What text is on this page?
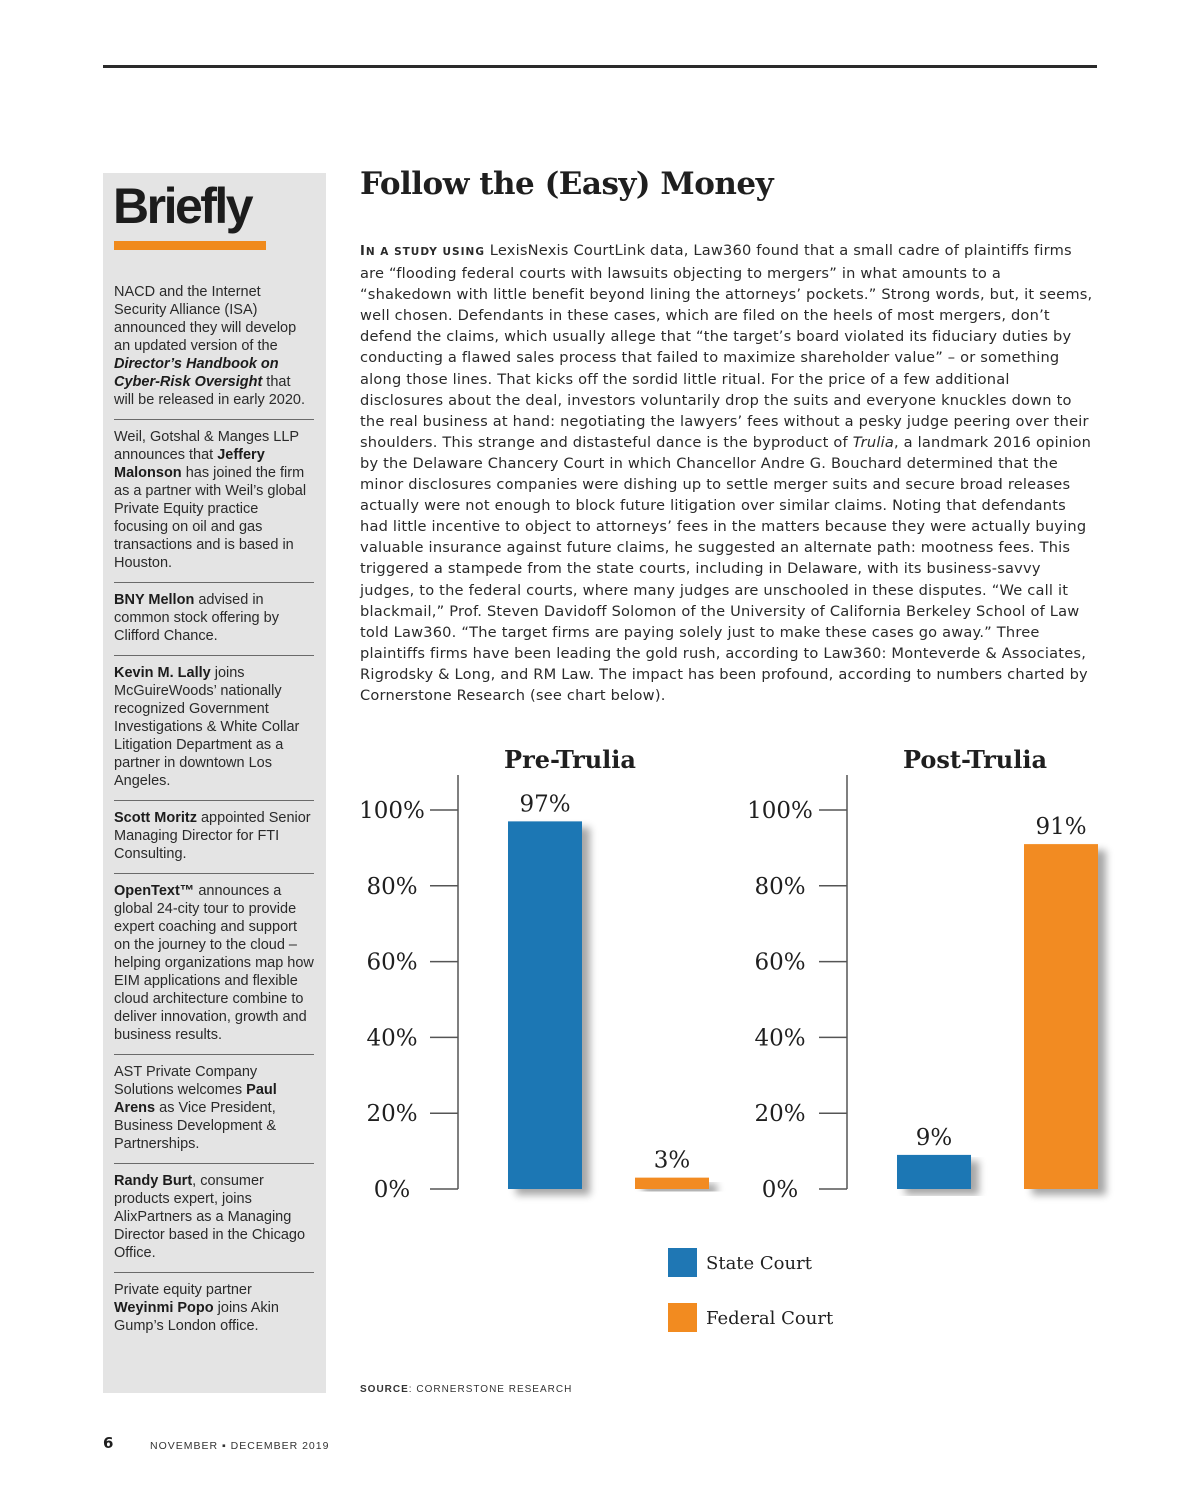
Briefly

NACD and the Internet Security Alliance (ISA) announced they will develop an updated version of the Director’s Handbook on Cyber-Risk Oversight that will be released in early 2020.

Weil, Gotshal & Manges LLP announces that Jeffery Malonson has joined the firm as a partner with Weil’s global Private Equity practice focusing on oil and gas transactions and is based in Houston.

BNY Mellon advised in common stock offering by Clifford Chance.

Kevin M. Lally joins McGuireWoods’ nationally recognized Government Investigations & White Collar Litigation Department as a partner in downtown Los Angeles.

Scott Moritz appointed Senior Managing Director for FTI Consulting.

OpenText™ announces a global 24-city tour to provide expert coaching and support on the journey to the cloud – helping organizations map how EIM applications and flexible cloud architecture combine to deliver innovation, growth and business results.

AST Private Company Solutions welcomes Paul Arens as Vice President, Business Development & Partnerships.

Randy Burt, consumer products expert, joins AlixPartners as a Managing Director based in the Chicago Office.

Private equity partner Weyinmi Popo joins Akin Gump’s London office.

Follow the (Easy) Money

IN A STUDY USING LexisNexis CourtLink data, Law360 found that a small cadre of plaintiffs firms are “flooding federal courts with lawsuits objecting to mergers” in what amounts to a “shakedown with little benefit beyond lining the attorneys’ pockets.” Strong words, but, it seems, well chosen. Defendants in these cases, which are filed on the heels of most mergers, don’t defend the claims, which usually allege that “the target’s board violated its fiduciary duties by conducting a flawed sales process that failed to maximize shareholder value” – or something along those lines. That kicks off the sordid little ritual. For the price of a few additional disclosures about the deal, investors voluntarily drop the suits and everyone knuckles down to the real business at hand: negotiating the lawyers’ fees without a pesky judge peering over their shoulders. This strange and distasteful dance is the byproduct of Trulia, a landmark 2016 opinion by the Delaware Chancery Court in which Chancellor Andre G. Bouchard determined that the minor disclosures companies were dishing up to settle merger suits and secure broad releases actually were not enough to block future litigation over similar claims. Noting that defendants had little incentive to object to attorneys’ fees in the matters because they were actually buying valuable insurance against future claims, he suggested an alternate path: mootness fees. This triggered a stampede from the state courts, including in Delaware, with its business-savvy judges, to the federal courts, where many judges are unschooled in these disputes. “We call it blackmail,” Prof. Steven Davidoff Solomon of the University of California Berkeley School of Law told Law360. “The target firms are paying solely just to make these cases go away.” Three plaintiffs firms have been leading the gold rush, according to Law360: Monteverde & Associates, Rigrodsky & Long, and RM Law. The impact has been profound, according to numbers charted by Cornerstone Research (see chart below).

Pre-Trulia
0%
20%
40%
60%
80%
100%	97%
3%
Post-Trulia
0%
20%
40%
60%
80%
100%
9%
91%
State Court
Federal Court

SOURCE: CORNERSTONE RESEARCH

6	NOVEMBER ▪ DECEMBER 2019
